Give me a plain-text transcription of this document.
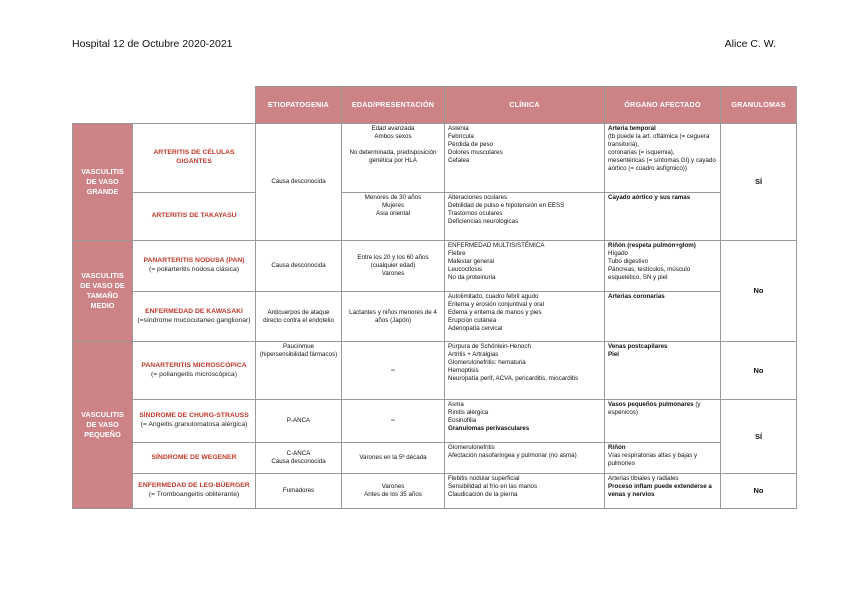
Hospital 12 de Octubre 2020-2021	Alice C. W.
		ETIOPATOGENIA	EDAD/PRESENTACIÓN	CLÍNICA	ÓRGANO AFECTADO	GRANULOMAS
VASCULITIS DE VASO GRANDE	ARTERITIS DE CÉLULAS GIGANTES	Causa desconocida	Edad avanzada
Ambos sexos

No determinada, predisposición genética por HLA	Astenia
Febrícula
Pérdida de peso
Dolores musculares
Cefalea	Arteria temporal
(tb puede la art. oftálmica (= ceguera transitoria),
coronarias (= isquemia),
mesentéricas (= síntomas GI) y cayado aórtico (= cuadro asfígmico))	SÍ

	ARTERITIS DE TAKAYASU		Menores de 30 años
Mujeres
Asia oriental	Alteraciones oculares
Debilidad de pulso e hipotensión en EESS
Trastornos oculares
Deficiencias neurológicas	Cayado aórtico y sus ramas	

VASCULITIS DE VASO DE TAMAÑO MEDIO	PANARTERITIS NODUSA (PAN)
(= poliarteritis nodosa clásica)	Causa desconocida	Entre los 20 y los 60 años (cualquier edad)
Varones	ENFERMEDAD MULTISISTÉMICA
Fiebre
Malestar general
Leucocitosis
No da proteinuria	Riñón (respeta pulmón+glom)
Hígado
Tubo digestivo
Páncreas, testículos, músculo esquelético, SN y piel	No

	ENFERMEDAD DE KAWASAKI
(=síndrome mucocutaneo ganglionar)	Anticuerpos de ataque directo contra el endotelio	Lactantes y niños menores de 4 años (Japón)	Autolimitado, cuadro febril agudo
Eritema y erosión conjuntival y oral
Edema y eritema de manos y pies
Erupción cutánea
Adenopatía cervical	Arterias coronarias	

VASCULITIS DE VASO PEQUEÑO	PANARTERITIS MICROSCÓPICA
(= poliangeitis microscópica)	Paucinmue (hipersensibilidad fármacos)	--	Púrpura de Schönlein-Henoch
Artritis + Artralgias
Glomerulonefritis: hematuria
Hemoptisis
Neuropatía perif, ACVA, pericarditis, miocarditis	Venas postcapilares
Piel	No

	SÍNDROME DE CHURG-STRAUSS
(= Angeitis granulomatosa alérgica)	P-ANCA	--	Asma
Rinitis alérgica
Eosinofilia
Granulomas perivasculares	Vasos pequeños pulmonares (y espénicos)	SÍ

	SÍNDROME DE WEGENER	C-ANCA
Causa desconocida	Varones en la 5ª década	Glomerulonefritis
Afectación nasofaríngea y pulmonar (no asma)	Riñón
Vías respiratorias altas y bajas y pulmones	

	ENFERMEDAD DE LEO-BÜERGER
(= Tromboangeitis obliterante)	Fumadores	Varones
Antes de los 35 años	Flebitis nodular superficial
Sensibilidad al frío en las manos
Claudicación de la pierna	Arterias tibiales y radiales
Proceso inflam puede extenderse a venas y nervios	No
